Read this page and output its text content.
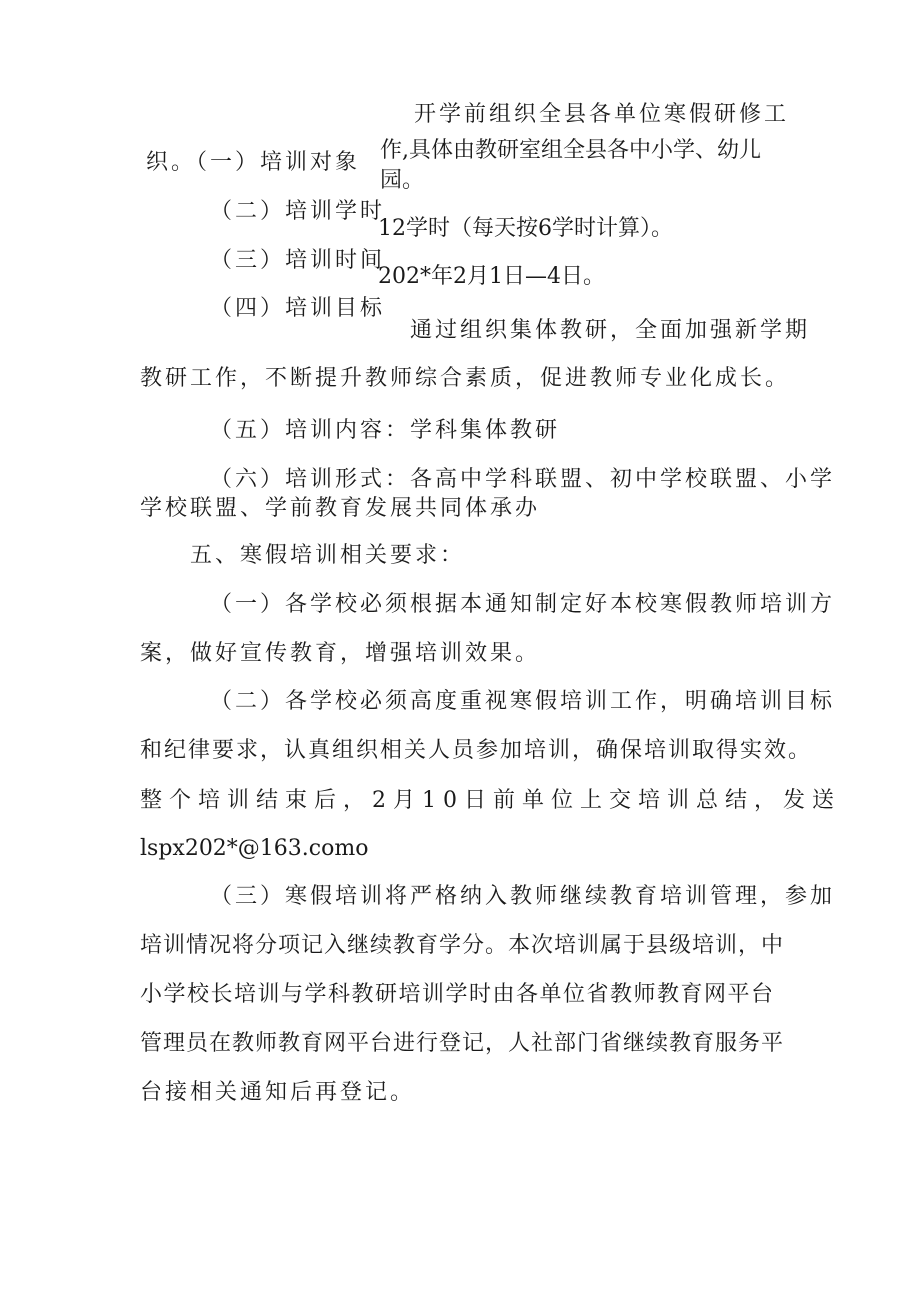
开学前组织全县各单位寒假研修工
织。（一）培训对象 作,具体由教研室组全县各中小学、幼儿
园。
（二）培训学时
12学时（每天按6学时计算）。
（三）培训时间
202*年2月1日—4日。
（四）培训目标
通过组织集体教研，全面加强新学期
教研工作，不断提升教师综合素质，促进教师专业化成长。
（五）培训内容：学科集体教研
（六）培训形式：各高中学科联盟、初中学校联盟、小学
学校联盟、学前教育发展共同体承办
五、寒假培训相关要求：
（一）各学校必须根据本通知制定好本校寒假教师培训方
案，做好宣传教育，增强培训效果。
（二）各学校必须高度重视寒假培训工作，明确培训目标
和纪律要求，认真组织相关人员参加培训，确保培训取得实效。
整个培训结束后，2月10日前单位上交培训总结，发送
lspx202*@163.como
（三）寒假培训将严格纳入教师继续教育培训管理，参加
培训情况将分项记入继续教育学分。本次培训属于县级培训，中
小学校长培训与学科教研培训学时由各单位省教师教育网平台
管理员在教师教育网平台进行登记，人社部门省继续教育服务平
台接相关通知后再登记。
